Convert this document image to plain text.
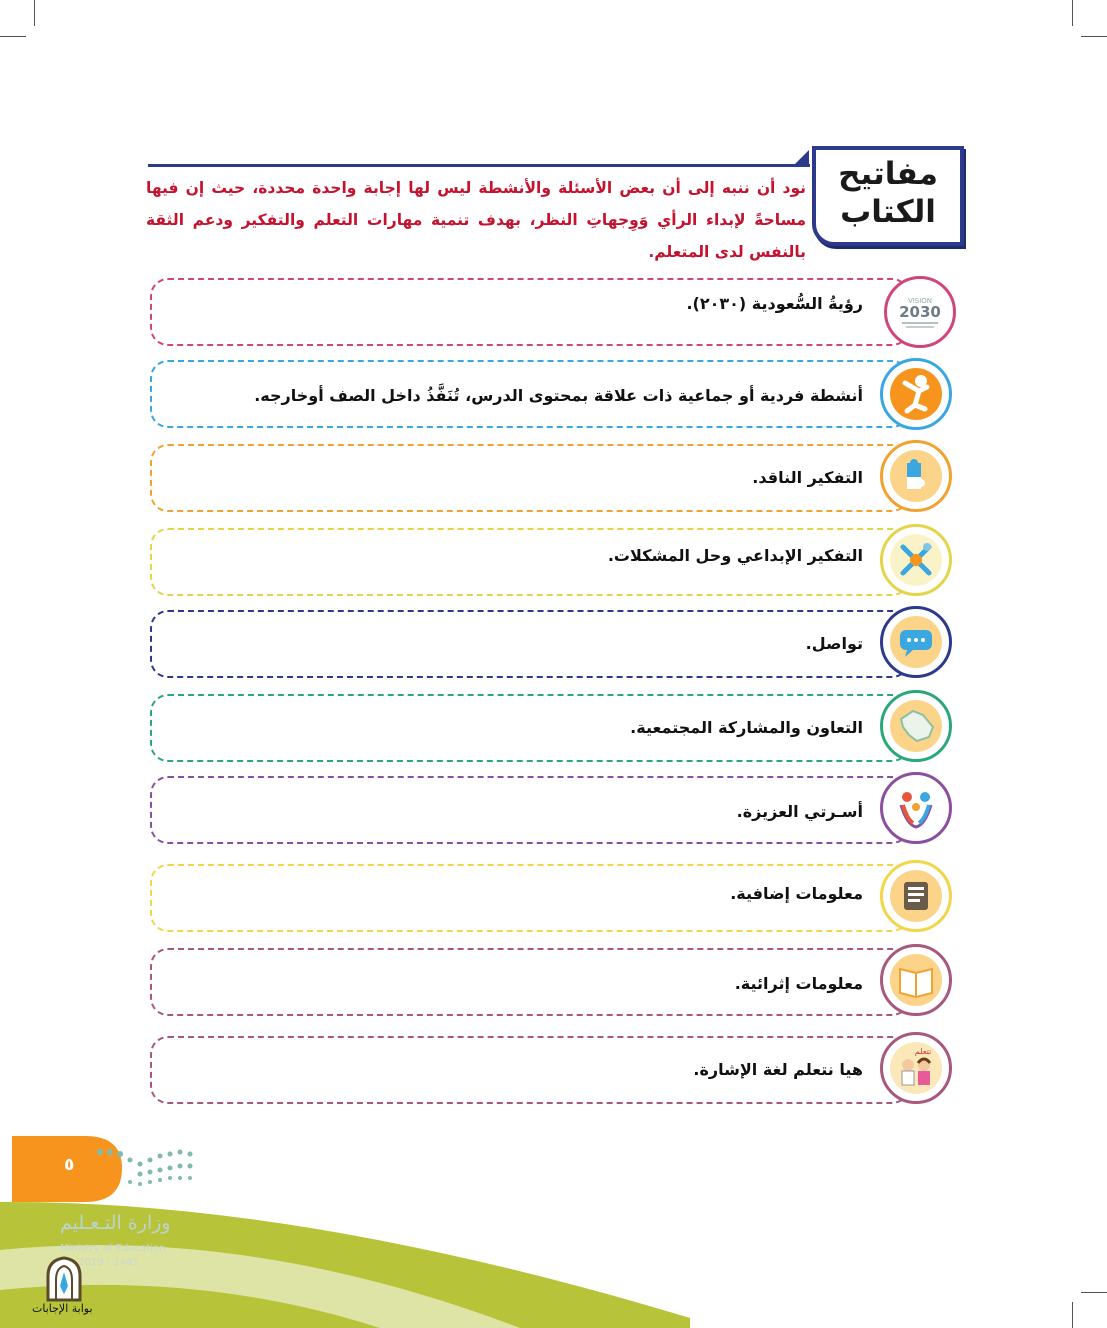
مفاتيح
الكتاب
نود أن ننبه إلى أن بعض الأسئلة والأنشطة ليس لها إجابة واحدة محددة، حيث إن فيها مساحةً لإبداء الرأي وَوِجهاتِ النظر، بهدف تنمية مهارات التعلم والتفكير ودعم الثقة بالنفس لدى المتعلم.
رؤيةُ السُّعودية (٢٠٣٠).	VISION
2030
أنشطة فردية أو جماعية ذات علاقة بمحتوى الدرس، تُنَفَّذُ داخل الصف أوخارجه.
التفكير الناقد.
التفكير الإبداعي وحل المشكلات.
تواصل.
التعاون والمشاركة المجتمعية.
أسـرتي العزيزة.
معلومات إضافية.
معلومات إثرائية.
هيا نتعلم لغة الإشارة.
نتعلم
٥
وزارة التـعـليم
Ministry of Education
2019 - 1441
بوابة الإجابات
